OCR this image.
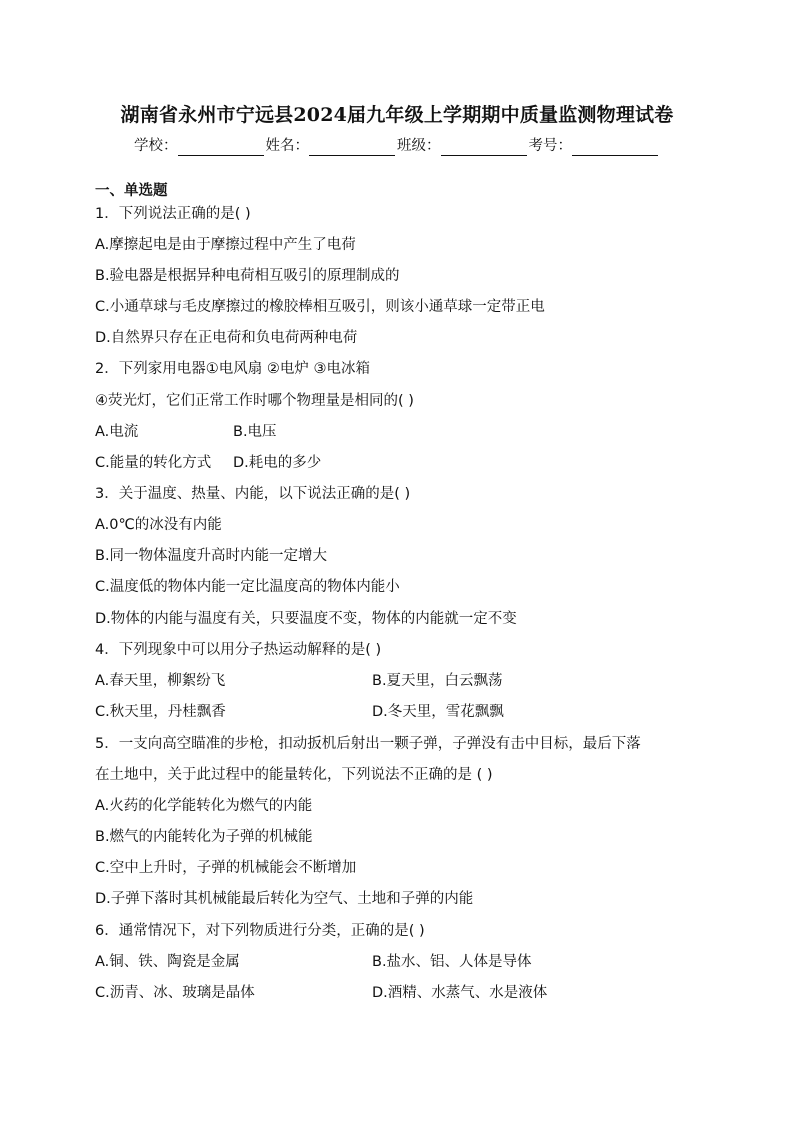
湖南省永州市宁远县2024届九年级上学期期中质量监测物理试卷
学校：	姓名：	班级：	考号：
一、单选题
1．下列说法正确的是( )
A.摩擦起电是由于摩擦过程中产生了电荷
B.验电器是根据异种电荷相互吸引的原理制成的
C.小通草球与毛皮摩擦过的橡胶棒相互吸引，则该小通草球一定带正电
D.自然界只存在正电荷和负电荷两种电荷
2．下列家用电器①电风扇 ②电炉 ③电冰箱
④荧光灯，它们正常工作时哪个物理量是相同的( )
A.电流	B.电压
C.能量的转化方式 D.耗电的多少
3．关于温度、热量、内能，以下说法正确的是( )
A.0℃的冰没有内能
B.同一物体温度升高时内能一定增大
C.温度低的物体内能一定比温度高的物体内能小
D.物体的内能与温度有关，只要温度不变，物体的内能就一定不变
4．下列现象中可以用分子热运动解释的是( )
A.春天里，柳絮纷飞	B.夏天里，白云飘荡
C.秋天里，丹桂飘香	D.冬天里，雪花飘飘
5．一支向高空瞄准的步枪，扣动扳机后射出一颗子弹，子弹没有击中目标，最后下落
在土地中，关于此过程中的能量转化，下列说法不正确的是 ( )
A.火药的化学能转化为燃气的内能
B.燃气的内能转化为子弹的机械能
C.空中上升时，子弹的机械能会不断增加
D.子弹下落时其机械能最后转化为空气、土地和子弹的内能
6．通常情况下，对下列物质进行分类，正确的是( )
A.铜、铁、陶瓷是金属	B.盐水、铝、人体是导体
C.沥青、冰、玻璃是晶体	D.酒精、水蒸气、水是液体
